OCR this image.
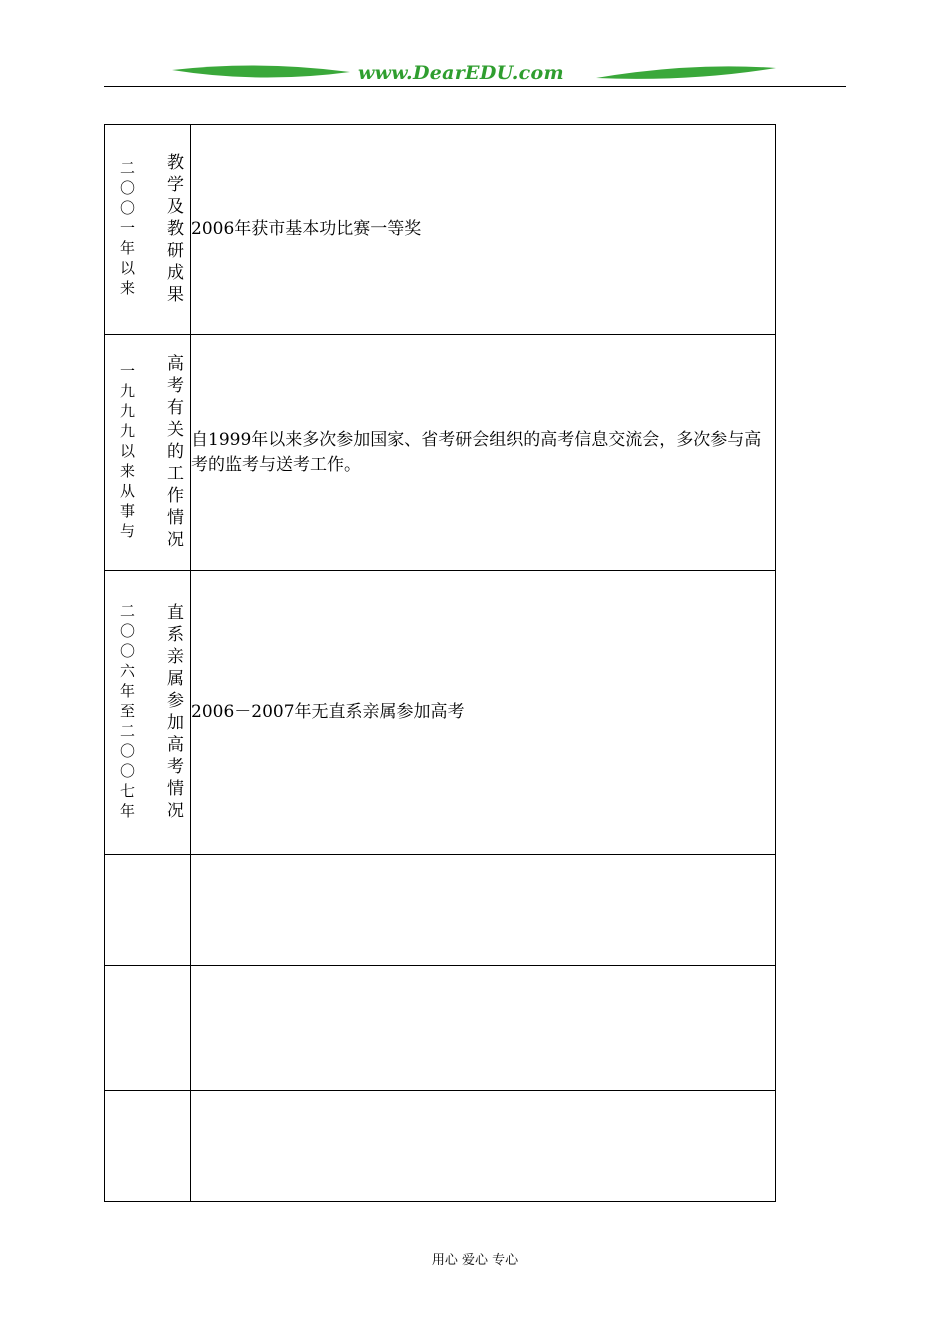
www.DearEDU.com
二〇〇一年以来 教学及教研成果	2006年获市基本功比赛一等奖

一九九九以来从事与 高考有关的工作情况	自1999年以来多次参加国家、省考研会组织的高考信息交流会，多次参与高考的监考与送考工作。

二〇〇六年至二〇〇七年 直系亲属参加高考情况	2006－2007年无直系亲属参加高考

用心 爱心 专心
